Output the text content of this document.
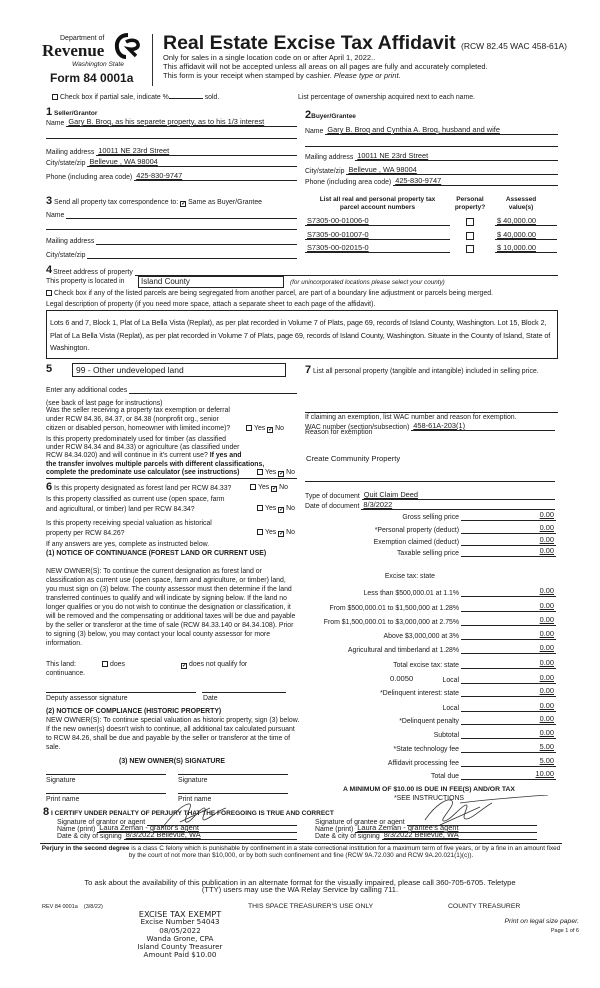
Department of
Revenue
Washington State
Form 84 0001a
Real Estate Excise Tax Affidavit (RCW 82.45 WAC 458-61A)
Only for sales in a single location code on or after April 1, 2022..
This affidavit will not be accepted unless all areas on all pages are fully and accurately completed.
This form is your receipt when stamped by cashier. Please type or print.
Check box if partial sale, indicate %	sold.	List percentage of ownership acquired next to each name.
1 Seller/Grantor
Name Gary B. Broq, as his separete property, as to his 1/3 interest
Mailing address 10011 NE 23rd Street
City/state/zip Bellevue , WA 98004
Phone (including area code) 425-830-9747
2Buyer/Grantee
Name Gary B. Broq and Cynthia A. Broq, husband and wife
Mailing address 10011 NE 23rd Street
City/state/zip Bellevue , WA 98004
Phone (including area code) 425-830-9747
3 Send all property tax correspondence to: ✓ Same as Buyer/Grantee
Name
Mailing address
City/state/zip
List all real and personal property tax
parcel account numbers
Personal
property?
Assessed
value(s)
S7305-00-01006-0	$ 40,000.00
S7305-00-01007-0	$ 40,000.00
S7305-00-02015-0	$ 10,000.00
4 Street address of property
This property is located in	Island County	(for unincorporated locations please select your county)
Check box if any of the listed parcels are being segregated from another parcel, are part of a boundary line adjustment or parcels being merged.
Legal description of property (if you need more space, attach a separate sheet to each page of the affidavit).
Lots 6 and 7, Block 1, Plat of La Bella Vista (Replat), as per plat recorded in Volume 7 of Plats, page 69, records of Island County, Washington. Lot 15, Block 2, Plat of La Bella Vista (Replat), as per plat recorded in Volume 7 of Plats, page 69, records of Island County, Washington. Situate in the County of Island, State of Washington.
5	99 - Other undeveloped land
Enter any additional codes
(see back of last page for instructions)
Was the seller receiving a property tax exemption or deferral
under RCW 84.36, 84.37, or 84.38 (nonprofit org., senior
citizen or disabled person, homeowner with limited income)?	Yes ✓ No
Is this property predominately used for timber (as classified
under RCW 84.34 and 84.33) or agriculture (as classified under
RCW 84.34.020) and will continue in it's current use? If yes and
the transfer involves multiple parcels with different classifications,
complete the predominate use calculator (see instructions)	Yes ✓ No
6 Is this property designated as forest land per RCW 84.33?	Yes ✓ No
Is this property classified as current use (open space, farm
and agricultural, or timber) land per RCW 84.34?	Yes ✓ No
Is this property receiving special valuation as historical
property per RCW 84.26?	Yes ✓ No
If any answers are yes, complete as instructed below.
(1) NOTICE OF CONTINUANCE (FOREST LAND OR CURRENT USE)
NEW OWNER(S): To continue the current designation as forest land or classification as current use (open space, farm and agriculture, or timber) land, you must sign on (3) below. The county assessor must then determine if the land transferred continues to qualify and will indicate by signing below. If the land no longer qualifies or you do not wish to continue the designation or classification, it will be removed and the compensating or additional taxes will be due and payable by the seller or transferor at the time of sale (RCW 84.33.140 or 84.34.108). Prior to signing (3) below, you may contact your local county assessor for more information.
This land:	does	✓ does not qualify for
continuance.
Deputy assessor signature	Date
(2) NOTICE OF COMPLIANCE (HISTORIC PROPERTY)
NEW OWNER(S): To continue special valuation as historic property, sign (3) below. If the new owner(s) doesn't wish to continue, all additional tax calculated pursuant to RCW 84.26, shall be due and payable by the seller or transferor at the time of sale.
(3) NEW OWNER(S) SIGNATURE
Signature	Signature
Print name	Print name
7 List all personal property (tangible and intangible) included in selling price.
If claiming an exemption, list WAC number and reason for exemption.
WAC number (section/subsection) 458-61A-203(1)
Reason for exemption
Create Community Property
Type of document Quit Claim Deed
Date of document 8/3/2022
Gross selling price	0.00
*Personal property (deduct)	0.00
Exemption claimed (deduct)	0.00
Taxable selling price	0.00
Less than $500,000.01 at 1.1%	0.00
From $500,000.01 to $1,500,000 at 1.28%	0.00
From $1,500,000.01 to $3,000,000 at 2.75%	0.00
Above $3,000,000 at 3%	0.00
Agricultural and timberland at 1.28%	0.00
Total excise tax: state	0.00
Local	0.00
*Delinquent interest: state	0.00
Local	0.00
*Delinquent penalty	0.00
Subtotal	0.00
*State technology fee	5.00
Affidavit processing fee	5.00
Total due	10.00
Excise tax: state
0.0050
A MINIMUM OF $10.00 IS DUE IN FEE(S) AND/OR TAX
*SEE INSTRUCTIONS
8 I CERTIFY UNDER PENALTY OF PERJURY THAT THE FOREGOING IS TRUE AND CORRECT
Signature of grantor or agent
Name (print) Laura Zeman - grantor's agent
Date & city of signing 8/3/2022 Bellevue, WA
Signature of grantee or agent
Name (print) Laura Zeman - grantee's agent
Date & city of signing 8/3/2022 Bellevue, WA
Perjury in the second degree is a class C felony which is punishable by confinement in a state correctional institution for a maximum term of five years, or by a fine in an amount fixed by the court of not more than $10,000, or by both such confinement and fine (RCW 9A.72.030 and RCW 9A.20.021(1)(c)).
To ask about the availability of this publication in an alternate format for the visually impaired, please call 360-705-6705. Teletype
(TTY) users may use the WA Relay Service by calling 711.
REV 84 0001a    (3/8/22)	THIS SPACE TREASURER'S USE ONLY	COUNTY TREASURER
EXCISE TAX EXEMPT
Excise Number 54043
08/05/2022
Wanda Grone, CPA
Island County Treasurer
Amount Paid $10.00
Print on legal size paper.
Page 1 of 6
